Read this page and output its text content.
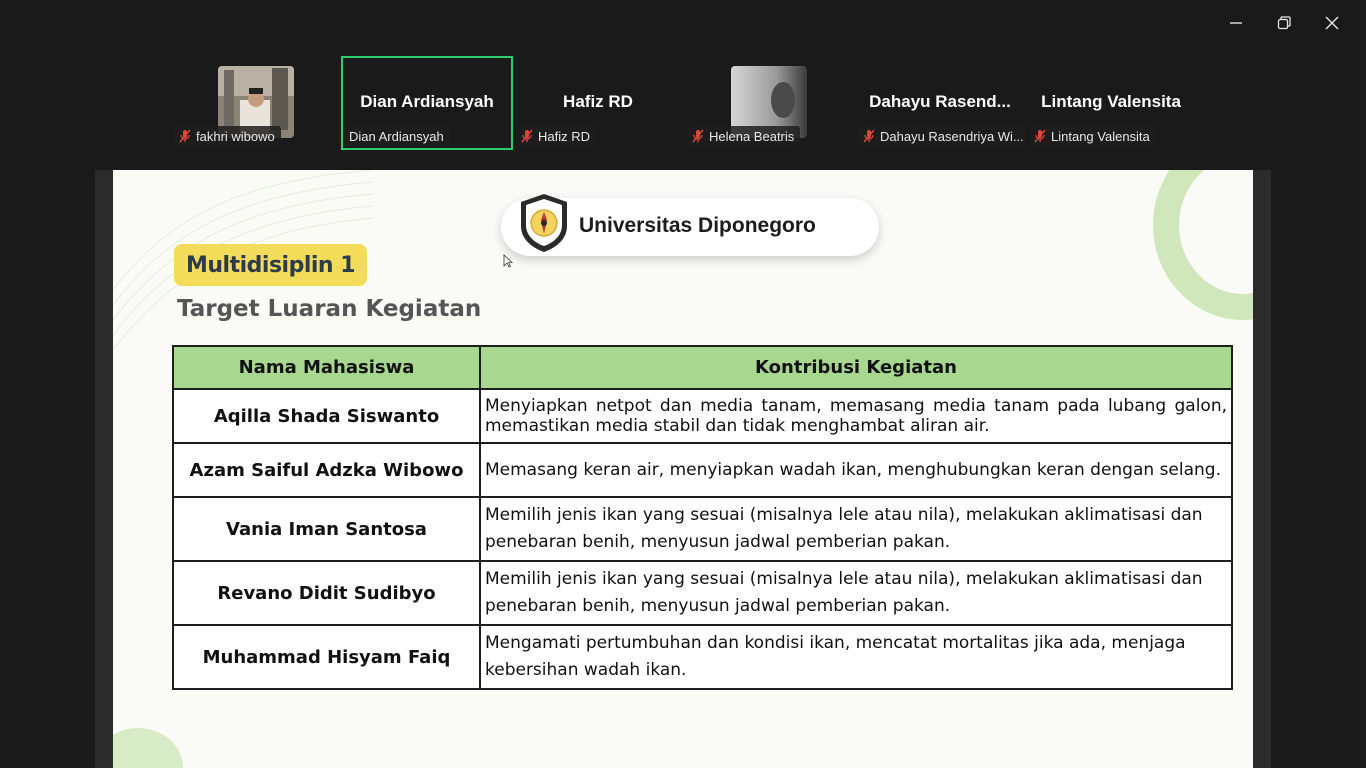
fakhri wibowo
Dian Ardiansyah
Dian Ardiansyah
Hafiz RD
Hafiz RD	Helena Beatris
Dahayu Rasend...
Dahayu Rasendriya Wi...
Lintang Valensita
Lintang Valensita
Universitas Diponegoro
Multidisiplin 1
Target Luaran Kegiatan
Nama Mahasiswa	Kontribusi Kegiatan
Aqilla Shada Siswanto	Menyiapkan netpot dan media tanam, memasang media tanam pada lubang galon, memastikan media stabil dan tidak menghambat aliran air.
Azam Saiful Adzka Wibowo	Memasang keran air, menyiapkan wadah ikan, menghubungkan keran dengan selang.
Vania Iman Santosa	Memilih jenis ikan yang sesuai (misalnya lele atau nila), melakukan aklimatisasi dan penebaran benih, menyusun jadwal pemberian pakan.
Revano Didit Sudibyo	Memilih jenis ikan yang sesuai (misalnya lele atau nila), melakukan aklimatisasi dan penebaran benih, menyusun jadwal pemberian pakan.
Muhammad Hisyam Faiq	Mengamati pertumbuhan dan kondisi ikan, mencatat mortalitas jika ada, menjaga kebersihan wadah ikan.
